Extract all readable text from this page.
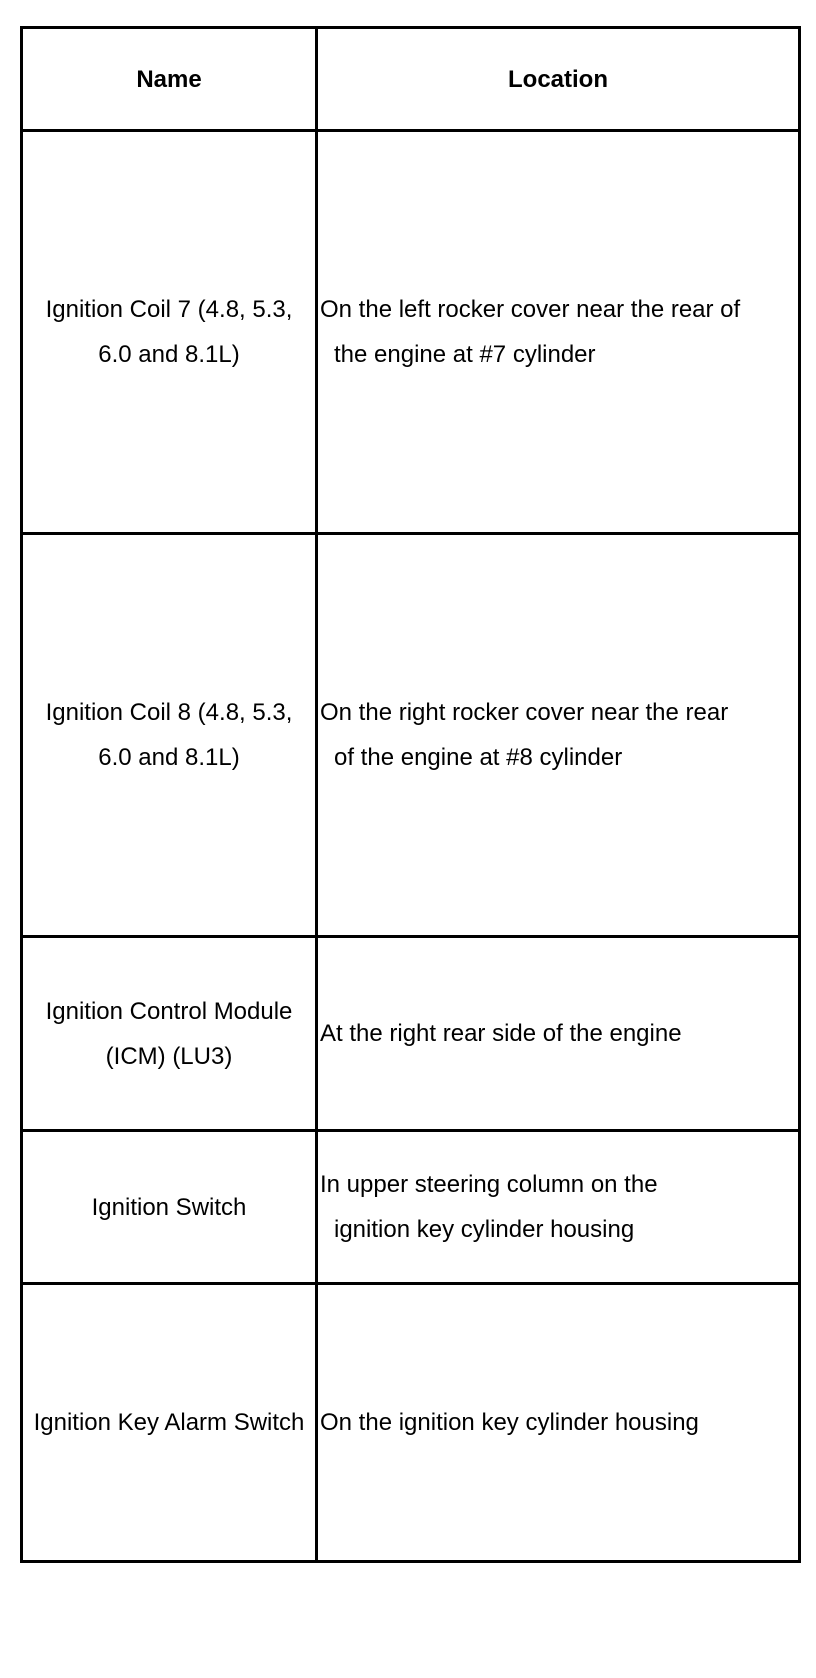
Name	Location

Ignition Coil 7 (4.8, 5.3, 6.0 and 8.1L)	On the left rocker cover near the rear of
the engine at #7 cylinder

Ignition Coil 8 (4.8, 5.3, 6.0 and 8.1L)	On the right rocker cover near the rear
of the engine at #8 cylinder

Ignition Control Module (ICM) (LU3)	At the right rear side of the engine

Ignition Switch	In upper steering column on the
ignition key cylinder housing

Ignition Key Alarm Switch	On the ignition key cylinder housing
